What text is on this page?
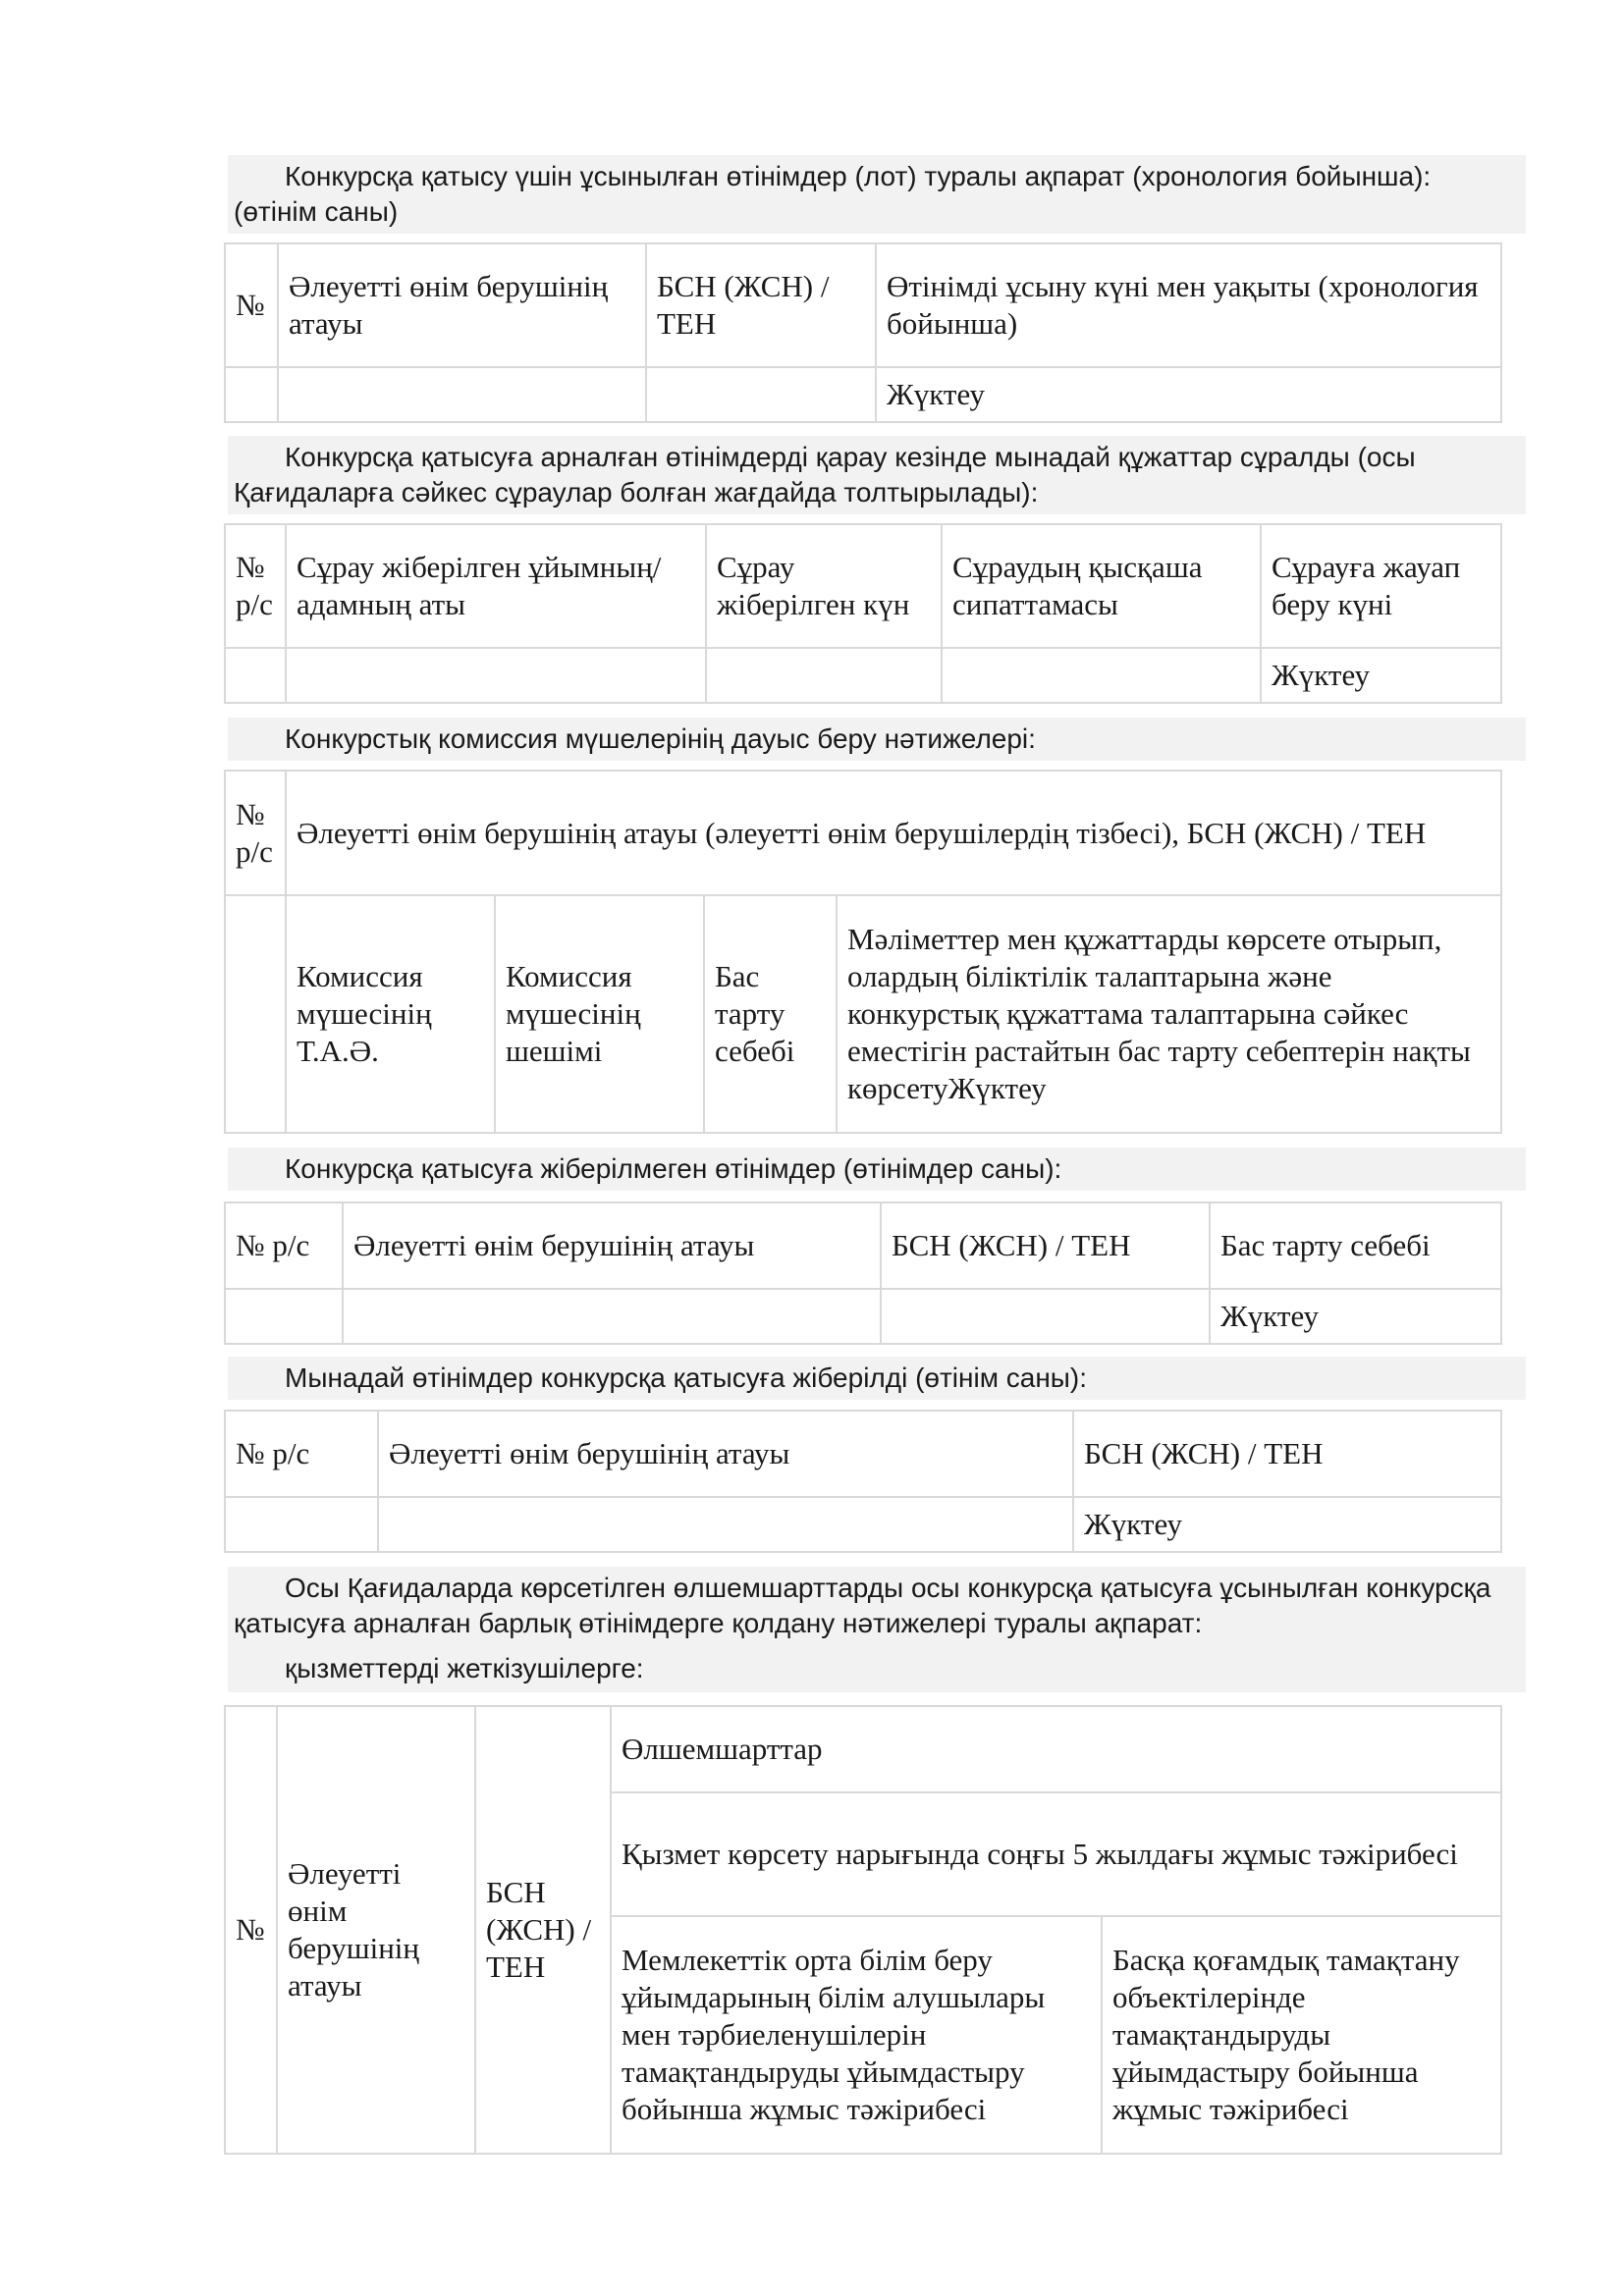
Конкурсқа қатысу үшін ұсынылған өтінімдер (лот) туралы ақпарат (хронология бойынша): (өтінім саны)
№	Әлеуетті өнім берушінің атауы	БСН (ЖСН) / ТЕН	Өтінімді ұсыну күні мен уақыты (хронология бойынша)
			Жүктеу
Конкурсқа қатысуға арналған өтінімдерді қарау кезінде мынадай құжаттар сұралды (осы Қағидаларға сәйкес сұраулар болған жағдайда толтырылады):
№ р/с	Сұрау жіберілген ұйымның/адамның аты	Сұрау жіберілген күн	Сұраудың қысқаша сипаттамасы	Сұрауға жауап беру күні
				Жүктеу
Конкурстық комиссия мүшелерінің дауыс беру нәтижелері:
№ р/с	Әлеуетті өнім берушінің атауы (әлеуетті өнім берушілердің тізбесі), БСН (ЖСН) / ТЕН			
	Комиссия мүшесінің Т.А.Ә.	Комиссия мүшесінің шешімі	Бас тарту себебі	Мәліметтер мен құжаттарды көрсете отырып, олардың біліктілік талаптарына және конкурстық құжаттама талаптарына сәйкес еместігін растайтын бас тарту себептерін нақты көрсетуЖүктеу
Конкурсқа қатысуға жіберілмеген өтінімдер (өтінімдер саны):
№ р/с	Әлеуетті өнім берушінің атауы	БСН (ЖСН) / ТЕН	Бас тарту себебі
			Жүктеу
Мынадай өтінімдер конкурсқа қатысуға жіберілді (өтінім саны):
№ р/с	Әлеуетті өнім берушінің атауы	БСН (ЖСН) / ТЕН
		Жүктеу
Осы Қағидаларда көрсетілген өлшемшарттарды осы конкурсқа қатысуға ұсынылған конкурсқа қатысуға арналған барлық өтінімдерге қолдану нәтижелері туралы ақпарат:
қызметтерді жеткізушілерге:
№	Әлеуетті өнім берушінің атауы	БСН (ЖСН) / ТЕН	Өлшемшарттар	
			Қызмет көрсету нарығында соңғы 5 жылдағы жұмыс тәжірибесі	
			Мемлекеттік орта білім беру ұйымдарының білім алушылары мен тәрбиеленушілерін тамақтандыруды ұйымдастыру бойынша жұмыс тәжірибесі	Басқа қоғамдық тамақтану объектілерінде тамақтандыруды ұйымдастыру бойынша жұмыс тәжірибесі
